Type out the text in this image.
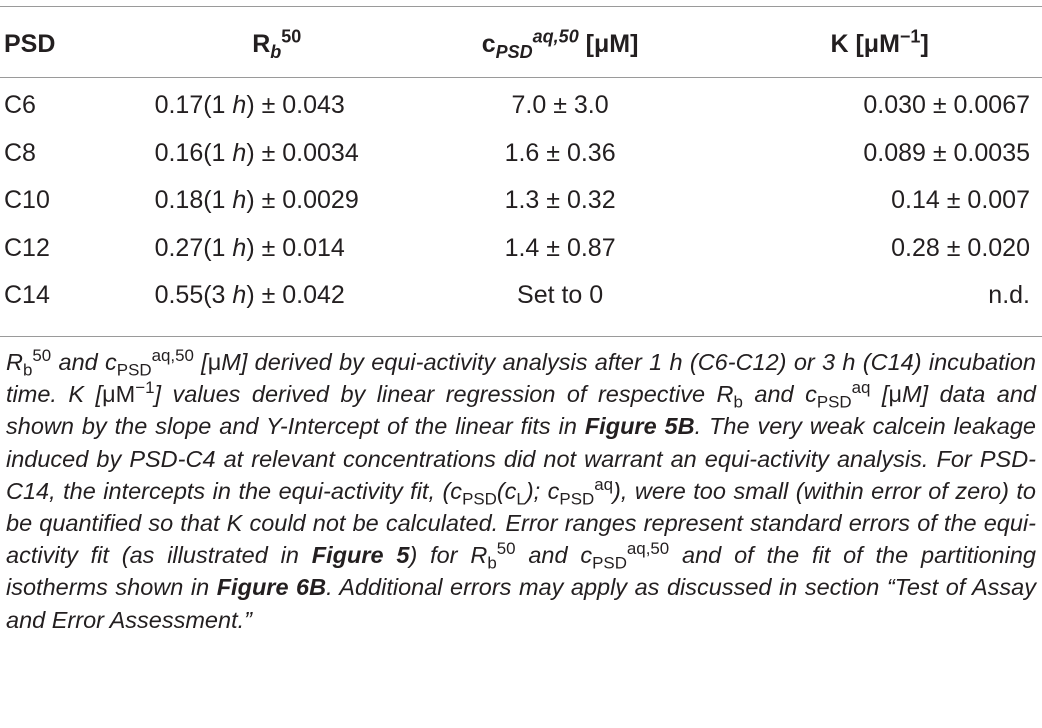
PSD	$R_b^{50}$	$c_{PSD}^{aq,50}$ [μM]	K $[\mu M^{-1}]$
C6	0.17(1 h) ± 0.043	7.0 ± 3.0	0.030 ± 0.0067
C8	0.16(1 h) ± 0.0034	1.6 ± 0.36	0.089 ± 0.0035
C10	0.18(1 h) ± 0.0029	1.3 ± 0.32	0.14 ± 0.007
C12	0.27(1 h) ± 0.014	1.4 ± 0.87	0.28 ± 0.020
C14	0.55(3 h) ± 0.042	Set to 0	n.d.
$R_b^{50}$ and $c_{PSD}^{aq,50}$ [μM] derived by equi-activity analysis after 1 h (C6-C12) or 3 h (C14) incubation time. K $[\mu M^{-1}]$ values derived by linear regression of respective $R_b$ and $c_{PSD}^{aq}$ [μM] data and shown by the slope and Y-Intercept of the linear fits in Figure 5B. The very weak calcein leakage induced by PSD-C4 at relevant concentrations did not warrant an equi-activity analysis. For PSD-C14, the intercepts in the equi-activity fit, ($c_{PSD}(c_L)$; $c_{PSD}^{aq}$), were too small (within error of zero) to be quantified so that K could not be calculated. Error ranges represent standard errors of the equi-activity fit (as illustrated in Figure 5) for $R_b^{50}$ and $c_{PSD}^{aq,50}$ and of the fit of the partitioning isotherms shown in Figure 6B. Additional errors may apply as discussed in section “Test of Assay and Error Assessment.”
